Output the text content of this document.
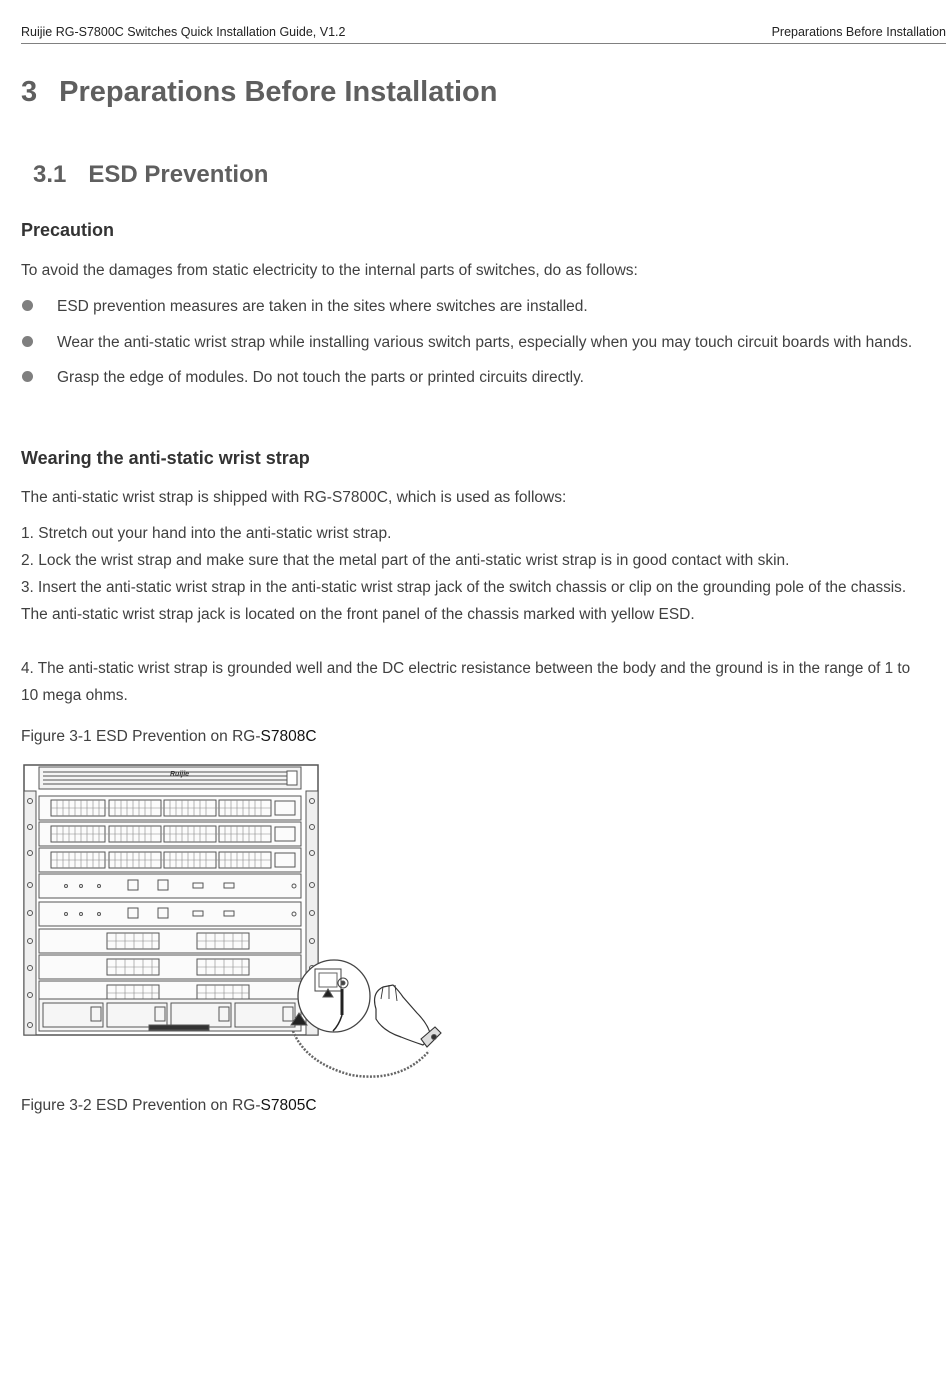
Ruijie RG-S7800C Switches Quick Installation Guide, V1.2	Preparations Before Installation
3 Preparations Before Installation
3.1 ESD Prevention
Precaution
To avoid the damages from static electricity to the internal parts of switches, do as follows:
ESD prevention measures are taken in the sites where switches are installed.
Wear the anti-static wrist strap while installing various switch parts, especially when you may touch circuit boards with hands.
Grasp the edge of modules. Do not touch the parts or printed circuits directly.
Wearing the anti-static wrist strap
The anti-static wrist strap is shipped with RG-S7800C, which is used as follows:
1. Stretch out your hand into the anti-static wrist strap.
2. Lock the wrist strap and make sure that the metal part of the anti-static wrist strap is in good contact with skin.
3. Insert the anti-static wrist strap in the anti-static wrist strap jack of the switch chassis or clip on the grounding pole of the chassis.
The anti-static wrist strap jack is located on the front panel of the chassis marked with yellow ESD.
4. The anti-static wrist strap is grounded well and the DC electric resistance between the body and the ground is in the range of 1 to
10 mega ohms.
Figure 3-1 ESD Prevention on RG-S7808C
Ruijie
Figure 3-2 ESD Prevention on RG-S7805C
